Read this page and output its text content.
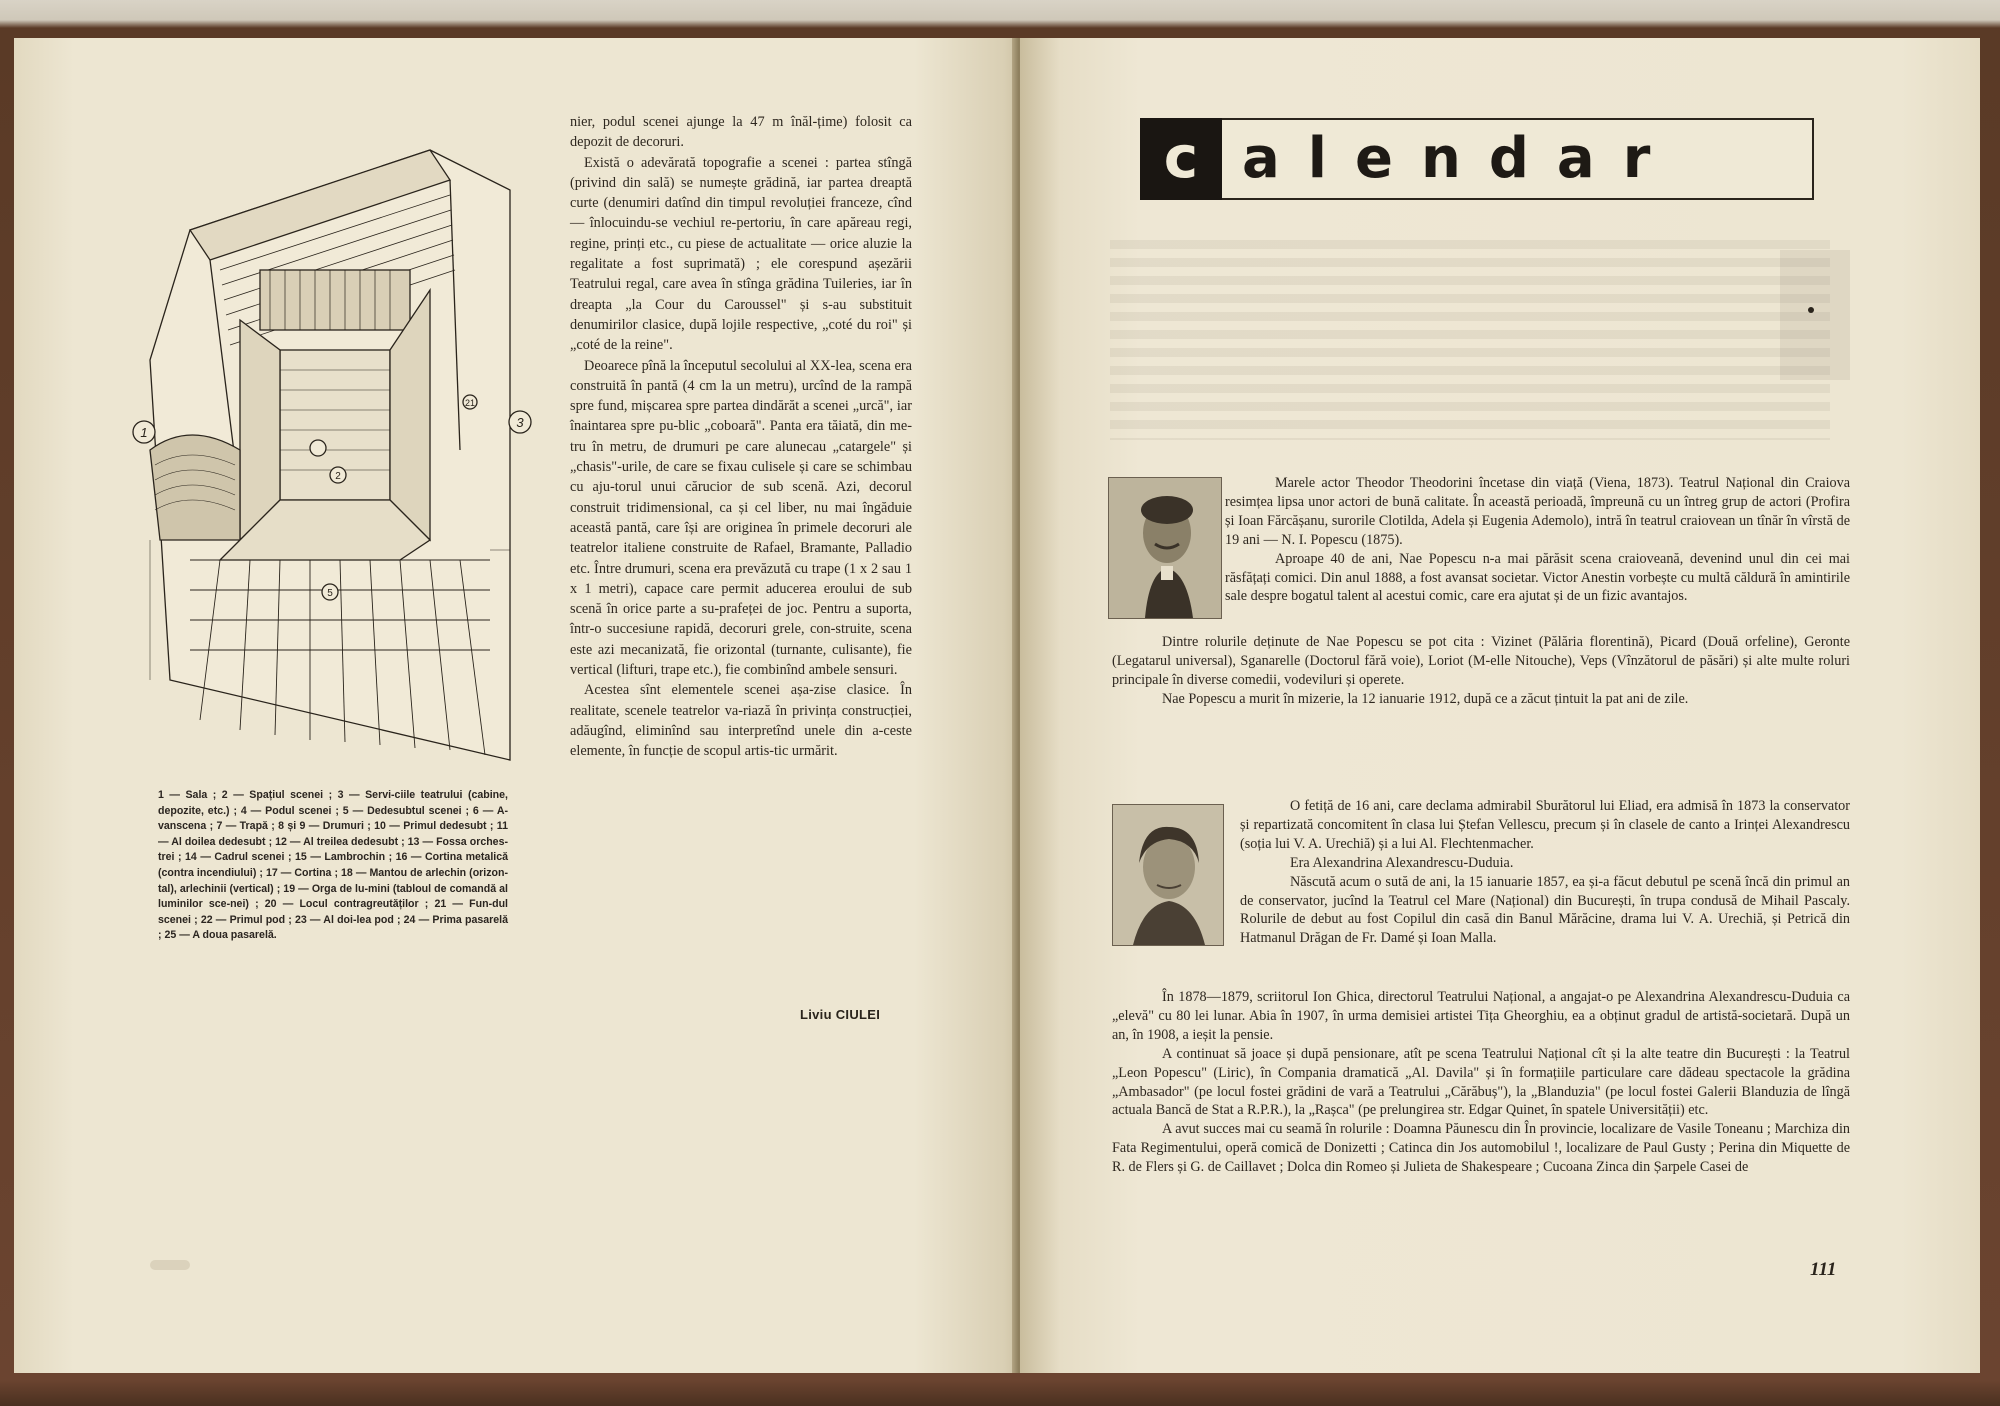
1
3
2
5
21

1 — Sala ; 2 — Spațiul scenei ; 3 — Servi-ciile teatrului (cabine, depozite, etc.) ; 4 — Podul scenei ; 5 — Dedesubtul scenei ; 6 — A-vanscena ; 7 — Trapă ; 8 și 9 — Drumuri ; 10 — Primul dedesubt ; 11 — Al doilea dedesubt ; 12 — Al treilea dedesubt ; 13 — Fossa orches-trei ; 14 — Cadrul scenei ; 15 — Lambrochin ; 16 — Cortina metalică (contra incendiului) ; 17 — Cortina ; 18 — Mantou de arlechin (orizon-tal), arlechinii (vertical) ; 19 — Orga de lu-mini (tabloul de comandă al luminilor sce-nei) ; 20 — Locul contragreutăților ; 21 — Fun-dul scenei ; 22 — Primul pod ; 23 — Al doi-lea pod ; 24 — Prima pasarelă ; 25 — A doua pasarelă.

nier, podul scenei ajunge la 47 m înăl-țime) folosit ca depozit de decoruri.

Există o adevărată topografie a scenei : partea stîngă (privind din sală) se numește grădină, iar partea dreaptă curte (denumiri datînd din timpul revoluției franceze, cînd — înlocuindu-se vechiul re-pertoriu, în care apăreau regi, regine, prinți etc., cu piese de actualitate — orice aluzie la regalitate a fost suprimată) ; ele corespund așezării Teatrului regal, care avea în stînga grădina Tuileries, iar în dreapta „la Cour du Caroussel" și s-au substituit denumirilor clasice, după lojile respective, „coté du roi" și „coté de la reine".

Deoarece pînă la începutul secolului al XX-lea, scena era construită în pantă (4 cm la un metru), urcînd de la rampă spre fund, mișcarea spre partea dindărăt a scenei „urcă", iar înaintarea spre pu-blic „coboară". Panta era tăiată, din me-tru în metru, de drumuri pe care alunecau „catargele" și „chasis"-urile, de care se fixau culisele și care se schimbau cu aju-torul unui cărucior de sub scenă. Azi, decorul construit tridimensional, ca și cel liber, nu mai îngăduie această pantă, care își are originea în primele decoruri ale teatrelor italiene construite de Rafael, Bramante, Palladio etc. Între drumuri, scena era prevăzută cu trape (1 x 2 sau 1 x 1 metri), capace care permit aducerea eroului de sub scenă în orice parte a su-prafeței de joc. Pentru a suporta, într-o succesiune rapidă, decoruri grele, con-struite, scena este azi mecanizată, fie orizontal (turnante, culisante), fie vertical (lifturi, trape etc.), fie combinînd ambele sensuri.

Acestea sînt elementele scenei așa-zise clasice. În realitate, scenele teatrelor va-riază în privința construcției, adăugînd, eliminînd sau interpretînd unele din a-ceste elemente, în funcție de scopul artis-tic urmărit.

Liviu CIULEI
c alendar

Marele actor Theodor Theodorini încetase din viață (Viena, 1873). Teatrul Național din Craiova resimțea lipsa unor actori de bună calitate. În această perioadă, împreună cu un întreg grup de actori (Profira și Ioan Fărcășanu, surorile Clotilda, Adela și Eugenia Ademolo), intră în teatrul craiovean un tînăr în vîrstă de 19 ani — N. I. Popescu (1875).

Aproape 40 de ani, Nae Popescu n-a mai părăsit scena craioveană, devenind unul din cei mai răsfățați comici. Din anul 1888, a fost avansat societar. Victor Anestin vorbește cu multă căldură în amintirile sale despre bogatul talent al acestui comic, care era ajutat și de un fizic avantajos.

Dintre rolurile deținute de Nae Popescu se pot cita : Vizinet (Pălăria florentină), Picard (Două orfeline), Geronte (Legatarul universal), Sganarelle (Doctorul fără voie), Loriot (M-elle Nitouche), Veps (Vînzătorul de păsări) și alte multe roluri principale în diverse comedii, vodeviluri și operete.

Nae Popescu a murit în mizerie, la 12 ianuarie 1912, după ce a zăcut țintuit la pat ani de zile.

O fetiță de 16 ani, care declama admirabil Sburătorul lui Eliad, era admisă în 1873 la conservator și repartizată concomitent în clasa lui Ștefan Vellescu, precum și în clasele de canto a Irinței Alexandrescu (soția lui V. A. Urechiă) și a lui Al. Flechtenmacher.

Era Alexandrina Alexandrescu-Duduia.

Născută acum o sută de ani, la 15 ianuarie 1857, ea și-a făcut debutul pe scenă încă din primul an de conservator, jucînd la Teatrul cel Mare (Național) din București, în trupa condusă de Mihail Pascaly. Rolurile de debut au fost Copilul din casă din Banul Mărăcine, drama lui V. A. Urechiă, și Petrică din Hatmanul Drăgan de Fr. Damé și Ioan Malla.

În 1878—1879, scriitorul Ion Ghica, directorul Teatrului Național, a angajat-o pe Alexandrina Alexandrescu-Duduia ca „elevă" cu 80 lei lunar. Abia în 1907, în urma demisiei artistei Tița Gheorghiu, ea a obținut gradul de artistă-societară. După un an, în 1908, a ieșit la pensie.

A continuat să joace și după pensionare, atît pe scena Teatrului Național cît și la alte teatre din București : la Teatrul „Leon Popescu" (Liric), în Compania dramatică „Al. Davila" și în formațiile particulare care dădeau spectacole la grădina „Ambasador" (pe locul fostei grădini de vară a Teatrului „Cărăbuș"), la „Blanduzia" (pe locul fostei Galerii Blanduzia de lîngă actuala Bancă de Stat a R.P.R.), la „Rașca" (pe prelungirea str. Edgar Quinet, în spatele Universității) etc.

A avut succes mai cu seamă în rolurile : Doamna Păunescu din În provincie, localizare de Vasile Toneanu ; Marchiza din Fata Regimentului, operă comică de Donizetti ; Catinca din Jos automobilul !, localizare de Paul Gusty ; Perina din Miquette de R. de Flers și G. de Caillavet ; Dolca din Romeo și Julieta de Shakespeare ; Cucoana Zinca din Șarpele Casei de

111
